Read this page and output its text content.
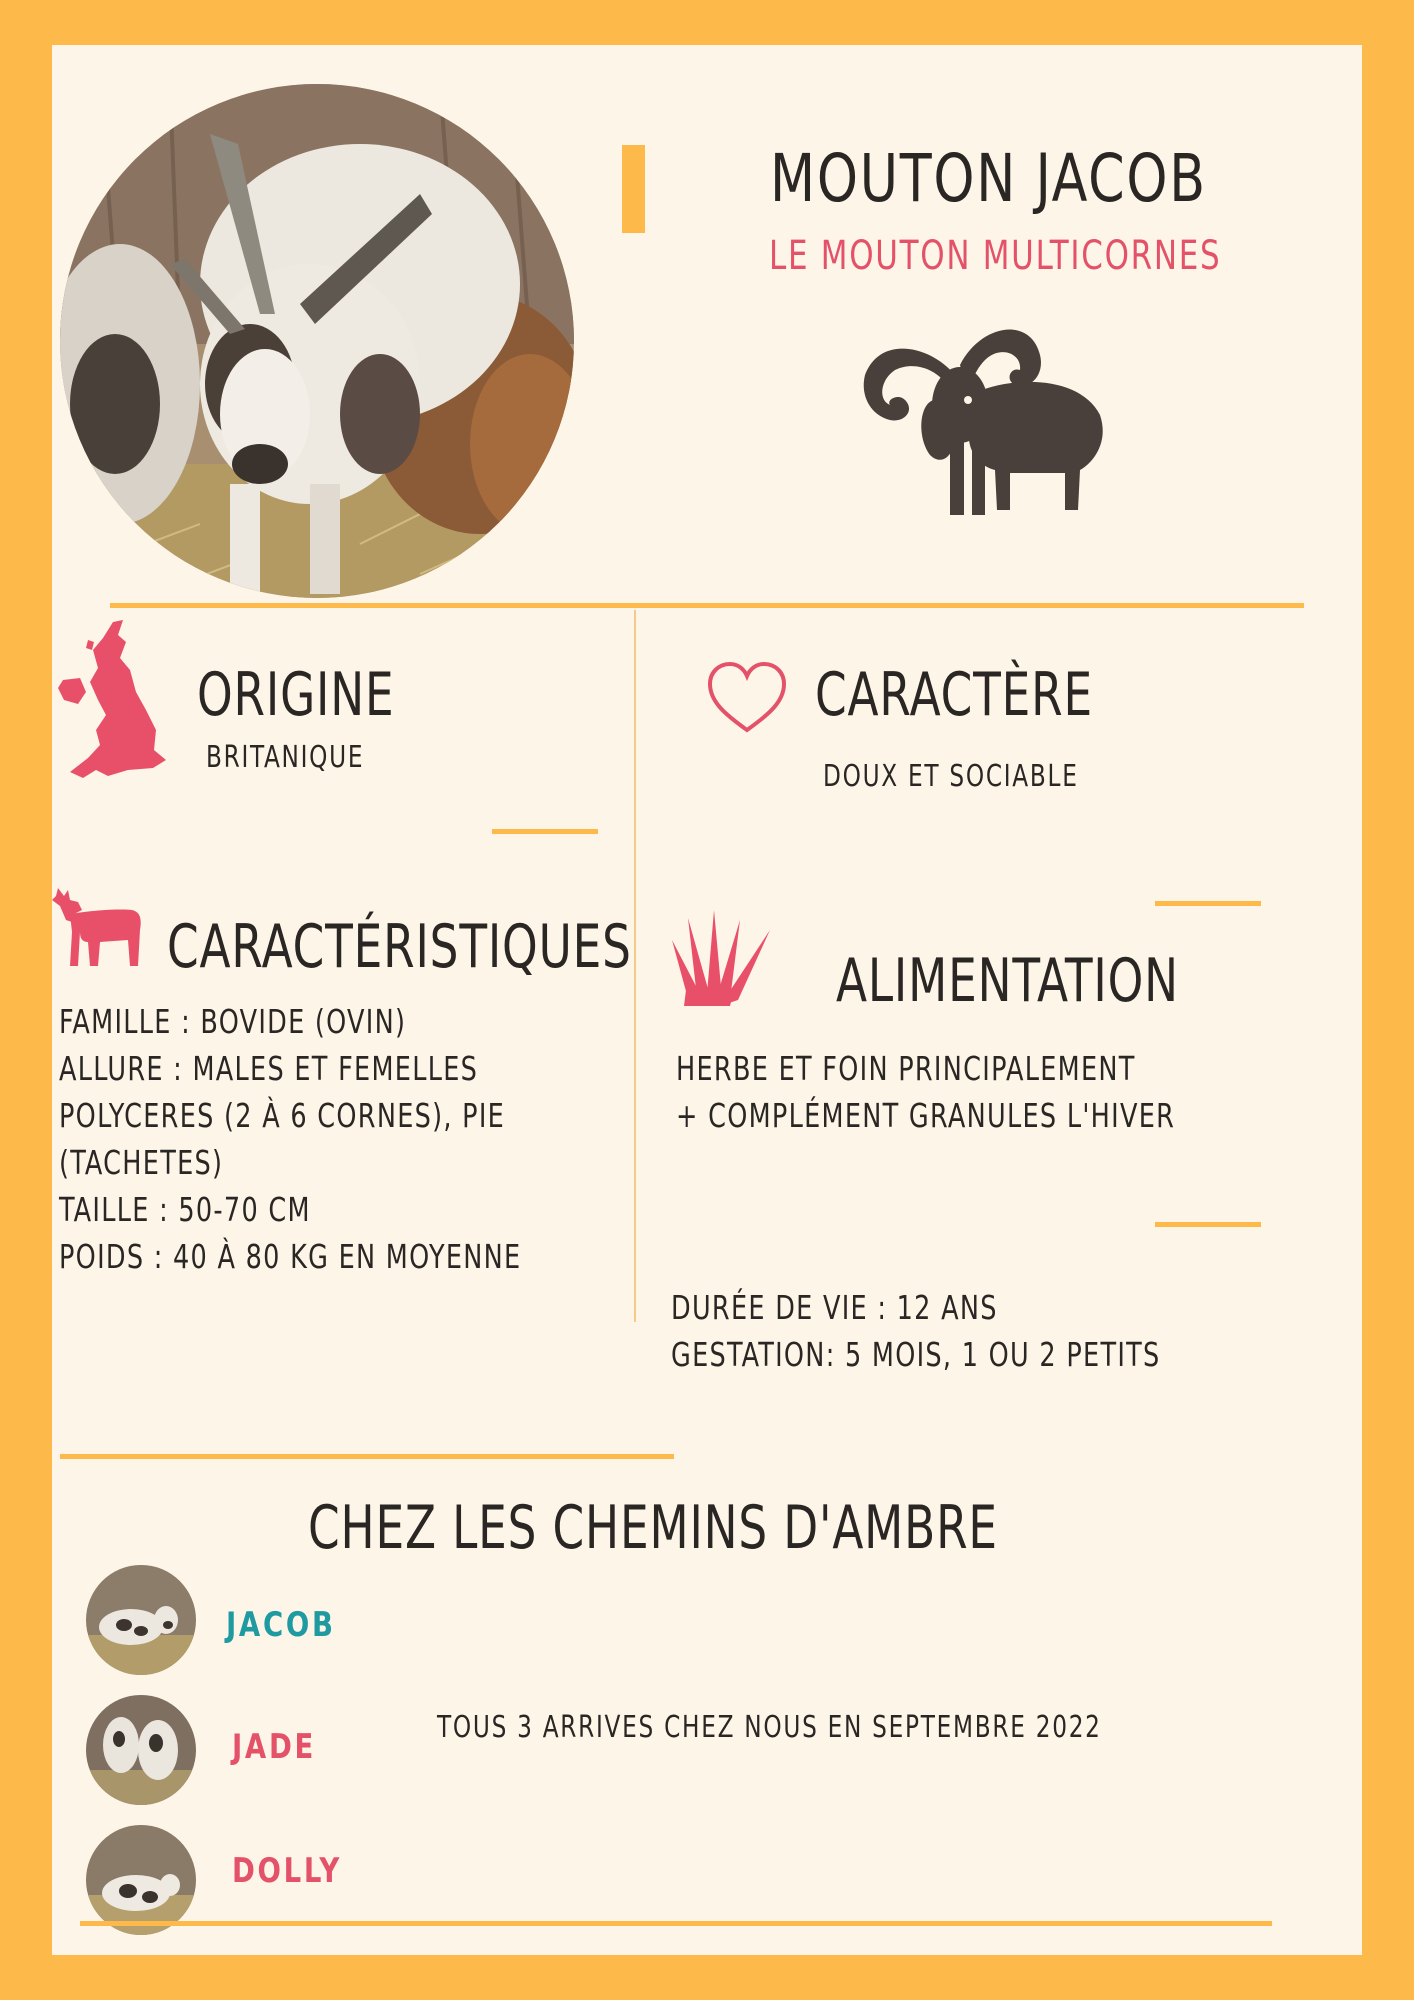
MOUTON JACOB
LE MOUTON MULTICORNES
ORIGINE
BRITANIQUE
CARACTÈRE
DOUX ET SOCIABLE
CARACTÉRISTIQUES
FAMILLE : BOVIDE (OVIN)
ALLURE : MALES ET FEMELLES
POLYCERES (2 À 6 CORNES), PIE
(TACHETES)
TAILLE : 50-70 CM
POIDS : 40 À 80 KG EN MOYENNE
ALIMENTATION
HERBE ET FOIN PRINCIPALEMENT
+ COMPLÉMENT GRANULES L'HIVER
DURÉE DE VIE : 12 ANS
GESTATION: 5 MOIS, 1 OU 2 PETITS
CHEZ LES CHEMINS D'AMBRE
JACOB
JADE
DOLLY
TOUS 3 ARRIVES CHEZ NOUS EN SEPTEMBRE 2022
